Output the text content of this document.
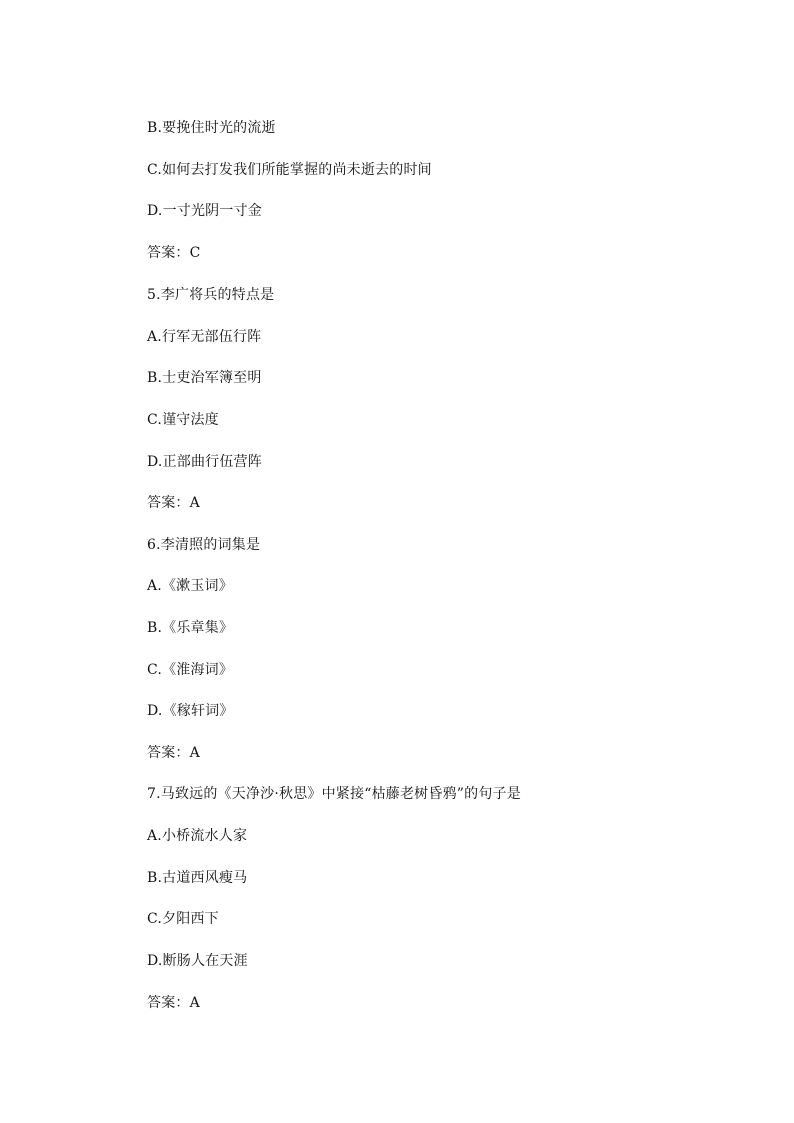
B.要挽住时光的流逝
C.如何去打发我们所能掌握的尚未逝去的时间
D.一寸光阴一寸金
答案：C
5.李广将兵的特点是
A.行军无部伍行阵
B.士吏治军簿至明
C.谨守法度
D.正部曲行伍营阵
答案：A
6.李清照的词集是
A.《漱玉词》
B.《乐章集》
C.《淮海词》
D.《稼轩词》
答案：A
7.马致远的《天净沙·秋思》中紧接“枯藤老树昏鸦”的句子是
A.小桥流水人家
B.古道西风瘦马
C.夕阳西下
D.断肠人在天涯
答案：A
